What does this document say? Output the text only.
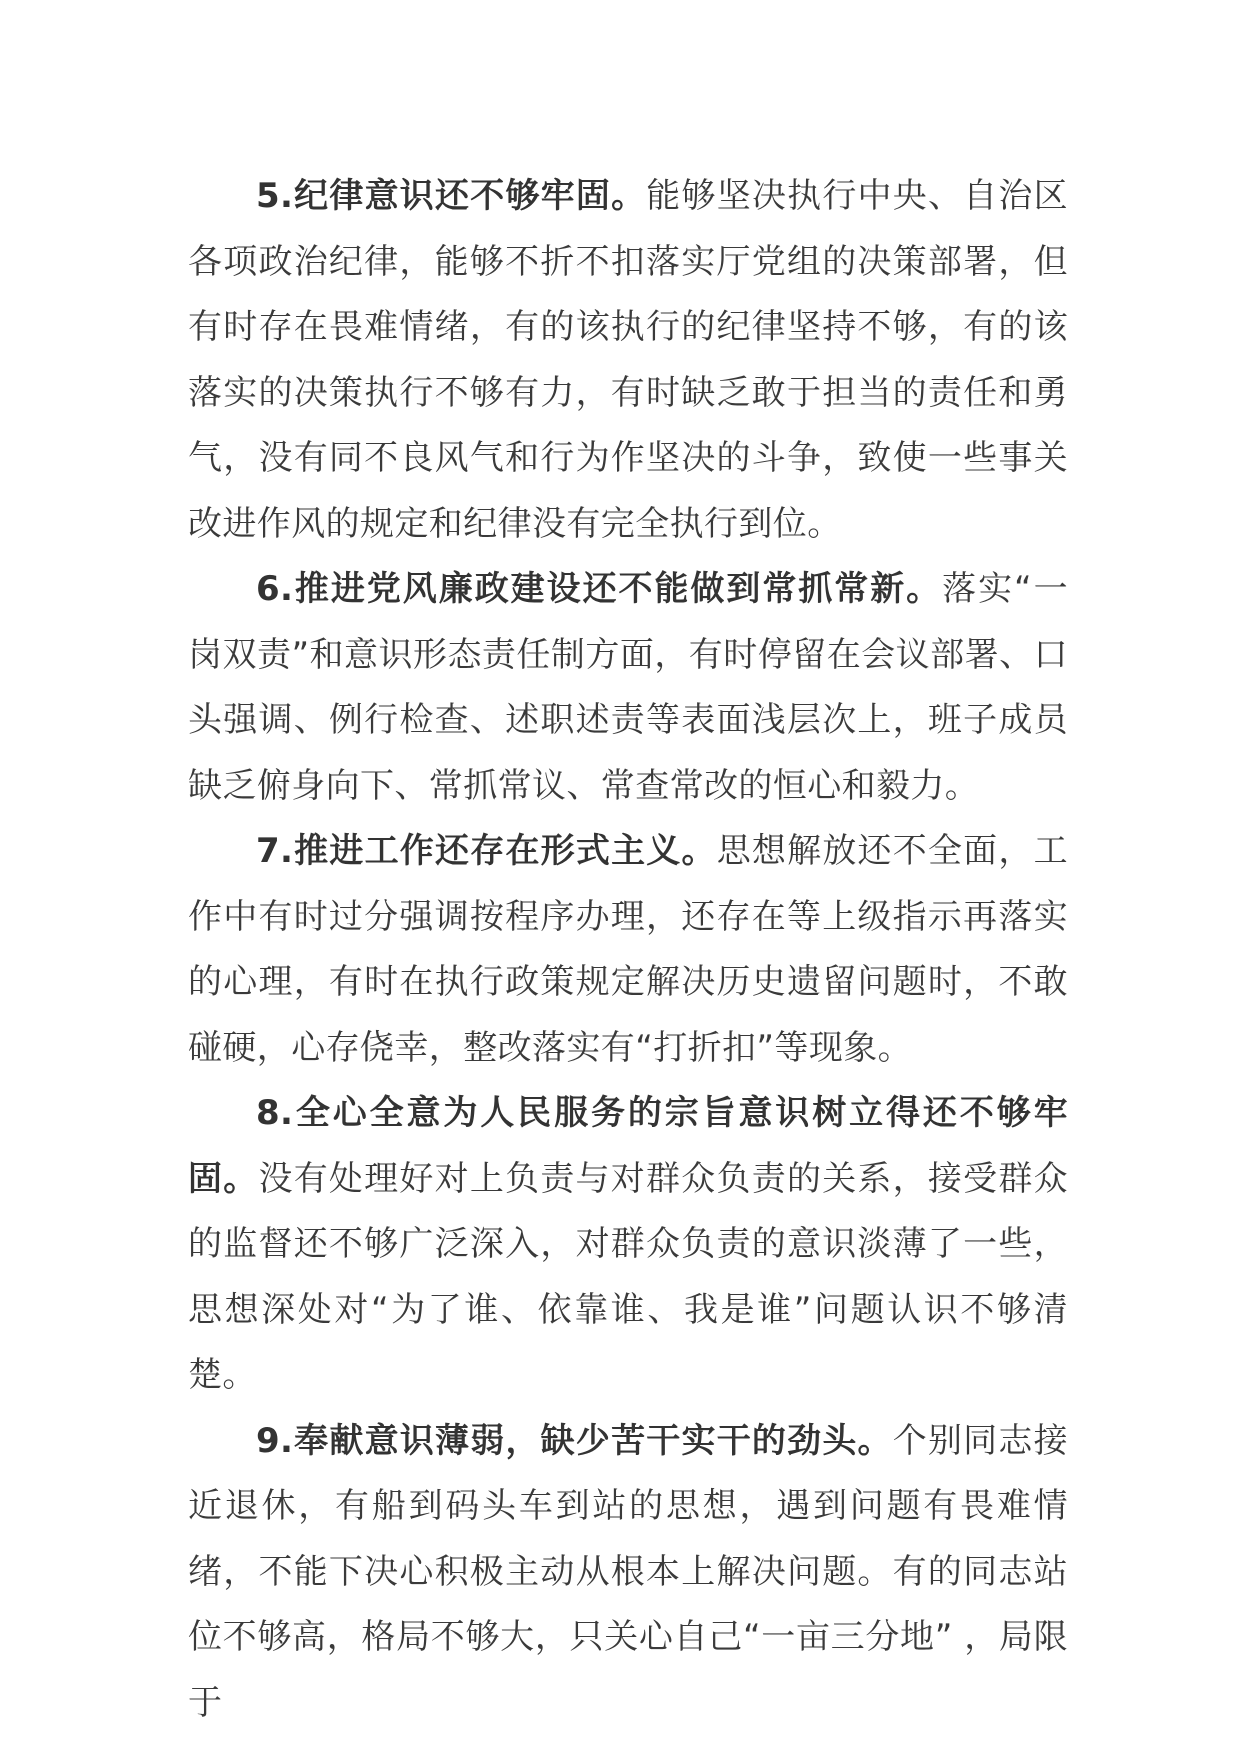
5.纪律意识还不够牢固。能够坚决执行中央、自治区各项政治纪律，能够不折不扣落实厅党组的决策部署，但有时存在畏难情绪，有的该执行的纪律坚持不够，有的该落实的决策执行不够有力，有时缺乏敢于担当的责任和勇气，没有同不良风气和行为作坚决的斗争，致使一些事关改进作风的规定和纪律没有完全执行到位。

6.推进党风廉政建设还不能做到常抓常新。落实“一岗双责”和意识形态责任制方面，有时停留在会议部署、口头强调、例行检查、述职述责等表面浅层次上，班子成员缺乏俯身向下、常抓常议、常查常改的恒心和毅力。

7.推进工作还存在形式主义。思想解放还不全面，工作中有时过分强调按程序办理，还存在等上级指示再落实的心理，有时在执行政策规定解决历史遗留问题时，不敢碰硬，心存侥幸，整改落实有“打折扣”等现象。

8.全心全意为人民服务的宗旨意识树立得还不够牢固。没有处理好对上负责与对群众负责的关系，接受群众的监督还不够广泛深入，对群众负责的意识淡薄了一些，思想深处对“为了谁、依靠谁、我是谁”问题认识不够清楚。

9.奉献意识薄弱，缺少苦干实干的劲头。个别同志接近退休，有船到码头车到站的思想，遇到问题有畏难情绪，不能下决心积极主动从根本上解决问题。有的同志站位不够高，格局不够大，只关心自己“一亩三分地” ，局限于
